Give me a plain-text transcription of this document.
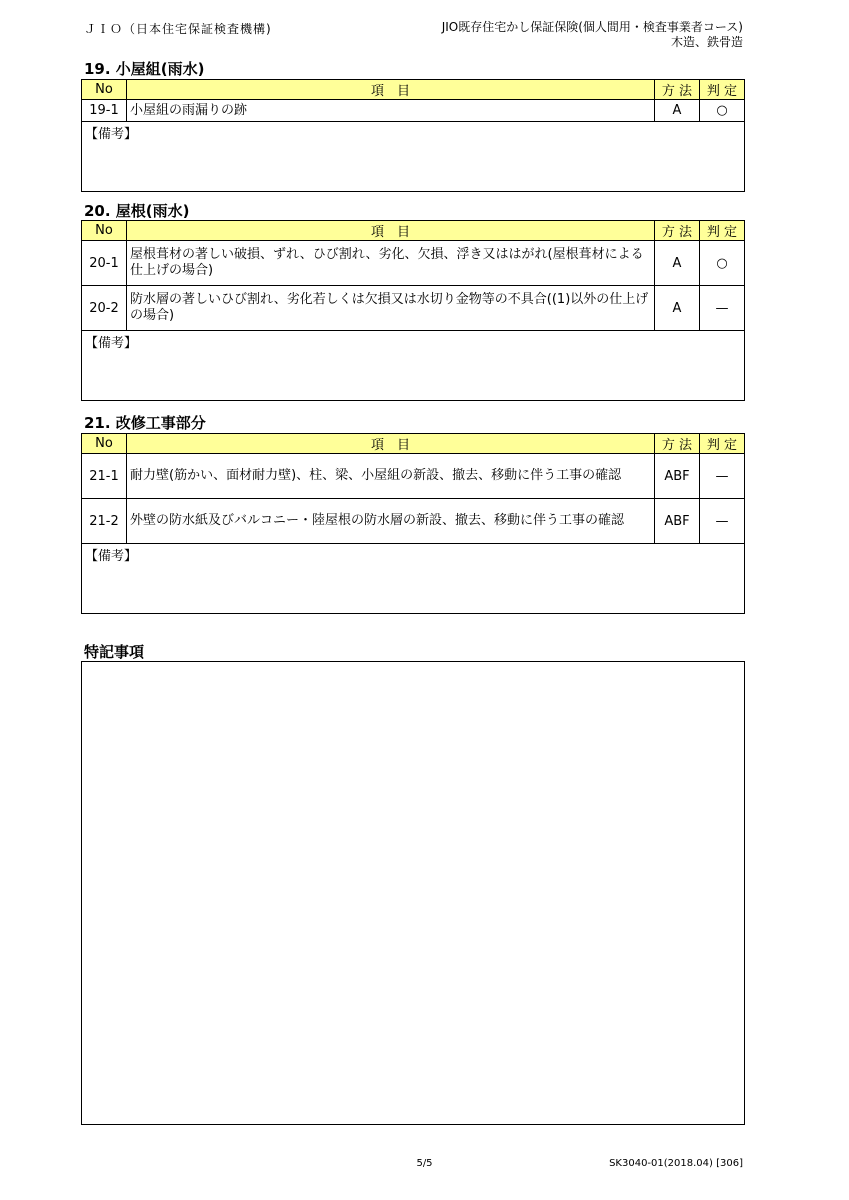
ＪＩＯ（日本住宅保証検査機構)	JIO既存住宅かし保証保険(個人間用・検査事業者コース)
木造、鉄骨造
19. 小屋組(雨水)
No	項　目	方 法	判 定
19-1	小屋組の雨漏りの跡	A	○
【備考】			
20. 屋根(雨水)
No	項　目	方 法	判 定
20-1	屋根葺材の著しい破損、ずれ、ひび割れ、劣化、欠損、浮き又ははがれ(屋根葺材による仕上げの場合)	A	○
20-2	防水層の著しいひび割れ、劣化若しくは欠損又は水切り金物等の不具合((1)以外の仕上げの場合)	A	—
【備考】			
21. 改修工事部分
No	項　目	方 法	判 定
21-1	耐力壁(筋かい、面材耐力壁)、柱、梁、小屋組の新設、撤去、移動に伴う工事の確認	ABF	—
21-2	外壁の防水紙及びバルコニー・陸屋根の防水層の新設、撤去、移動に伴う工事の確認	ABF	—
【備考】			
特記事項
5/5	SK3040-01(2018.04) [306]
